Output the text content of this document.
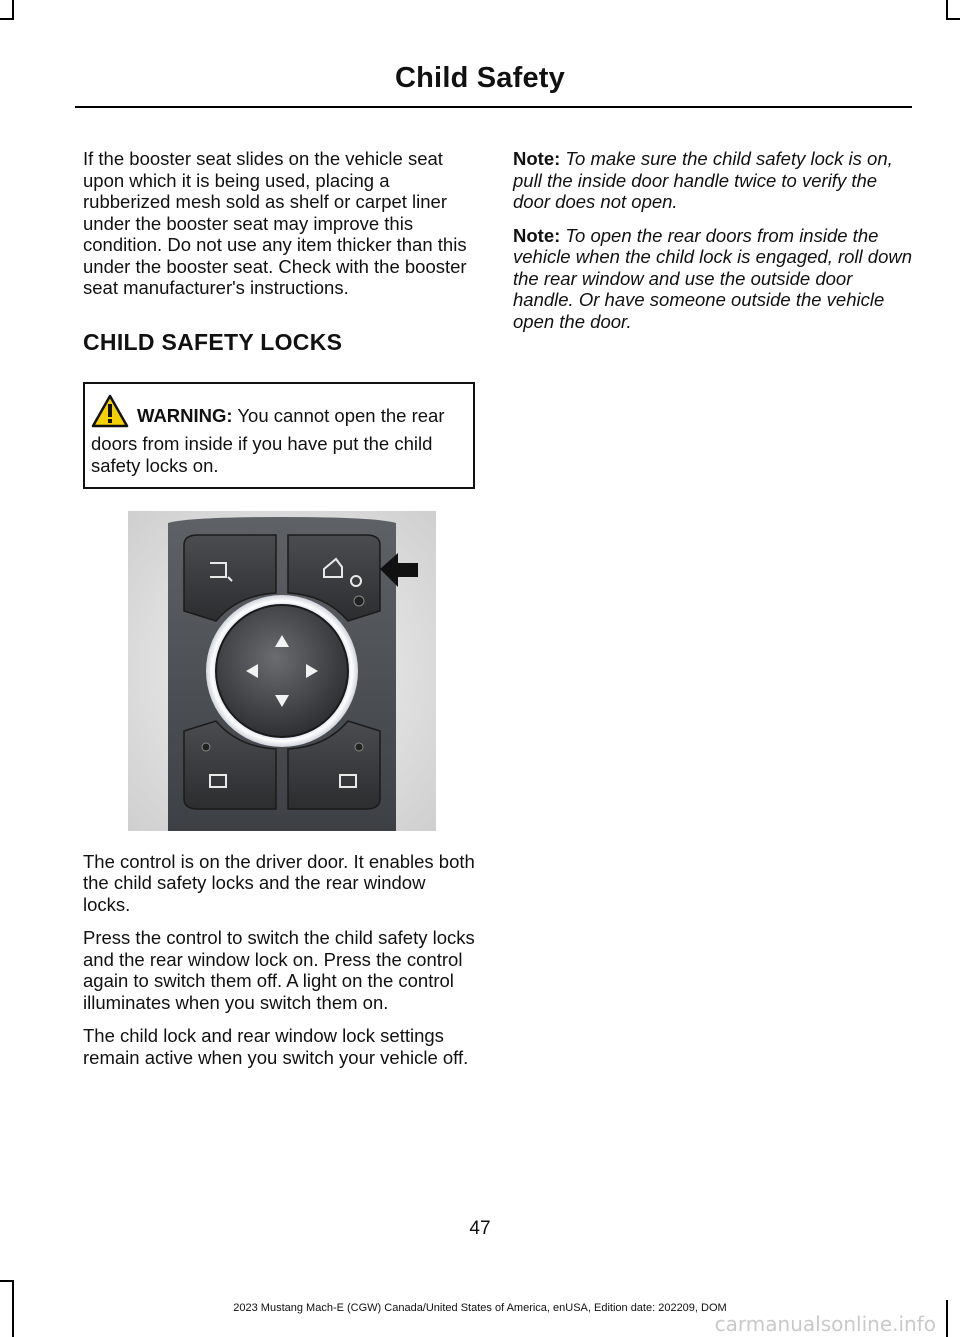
Child Safety

If the booster seat slides on the vehicle seat upon which it is being used, placing a rubberized mesh sold as shelf or carpet liner under the booster seat may improve this condition. Do not use any item thicker than this under the booster seat. Check with the booster seat manufacturer's instructions.

CHILD SAFETY LOCKS
WARNING: You cannot open the rear doors from inside if you have put the child safety locks on.

The control is on the driver door. It enables both the child safety locks and the rear window locks.

Press the control to switch the child safety locks and the rear window lock on. Press the control again to switch them off. A light on the control illuminates when you switch them on.

The child lock and rear window lock settings remain active when you switch your vehicle off.

Note: To make sure the child safety lock is on, pull the inside door handle twice to verify the door does not open.

Note: To open the rear doors from inside the vehicle when the child lock is engaged, roll down the rear window and use the outside door handle. Or have someone outside the vehicle open the door.

47
2023 Mustang Mach-E (CGW) Canada/United States of America, enUSA, Edition date: 202209, DOM
carmanualsonline.info
